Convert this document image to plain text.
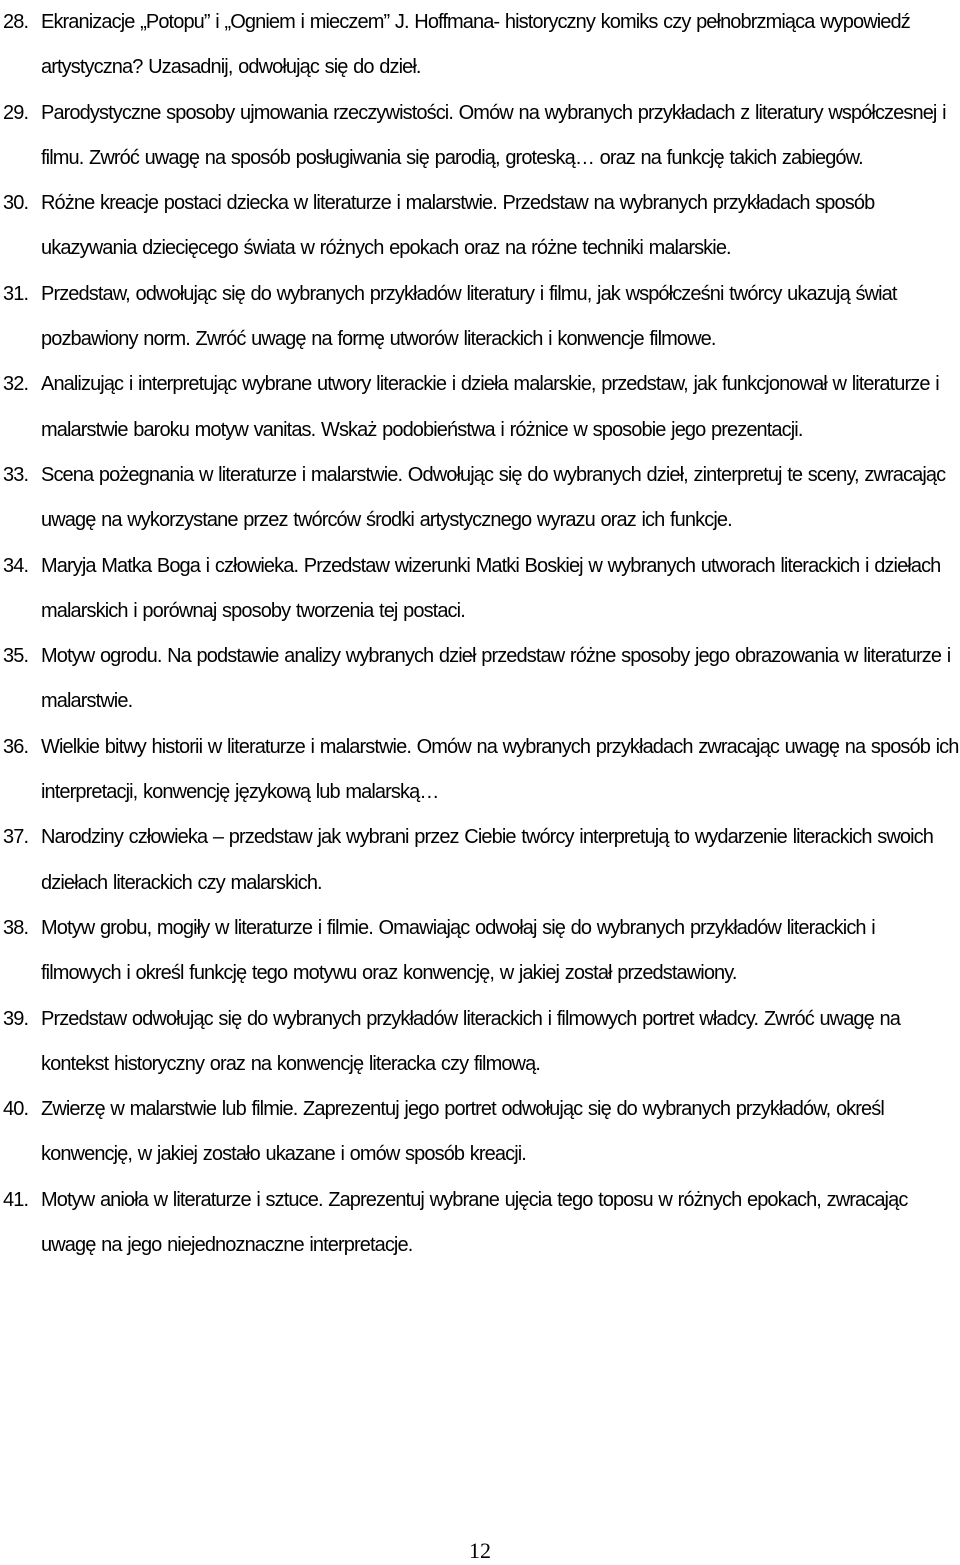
28. Ekranizacje „Potopu” i „Ogniem i mieczem” J. Hoffmana- historyczny komiks czy pełnobrzmiąca wypowiedź artystyczna? Uzasadnij, odwołując się do dzieł.
29. Parodystyczne sposoby ujmowania rzeczywistości. Omów na wybranych przykładach z literatury współczesnej i filmu. Zwróć uwagę na sposób posługiwania się parodią, groteską… oraz na funkcję takich zabiegów.
30. Różne kreacje postaci dziecka w literaturze i malarstwie. Przedstaw na wybranych przykładach sposób ukazywania dziecięcego świata w różnych epokach oraz na różne techniki malarskie.
31. Przedstaw, odwołując się do wybranych przykładów literatury i filmu, jak współcześni twórcy ukazują świat pozbawiony norm. Zwróć uwagę na formę utworów literackich i konwencje filmowe.
32. Analizując i interpretując wybrane utwory literackie i dzieła malarskie, przedstaw, jak funkcjonował w literaturze i malarstwie baroku motyw vanitas. Wskaż podobieństwa i różnice w sposobie jego prezentacji.
33. Scena pożegnania w literaturze i malarstwie. Odwołując się do wybranych dzieł, zinterpretuj te sceny, zwracając uwagę na wykorzystane przez twórców środki artystycznego wyrazu oraz ich funkcje.
34. Maryja Matka Boga i człowieka. Przedstaw wizerunki Matki Boskiej w wybranych utworach literackich i dziełach malarskich i porównaj sposoby tworzenia tej postaci.
35. Motyw ogrodu. Na podstawie analizy wybranych dzieł przedstaw różne sposoby jego obrazowania w literaturze i malarstwie.
36. Wielkie bitwy historii w literaturze i malarstwie. Omów na wybranych przykładach zwracając uwagę na sposób ich interpretacji, konwencję językową lub malarską…
37. Narodziny człowieka – przedstaw jak wybrani przez Ciebie twórcy interpretują to wydarzenie literackich swoich dziełach literackich czy malarskich.
38. Motyw grobu, mogiły w literaturze i filmie. Omawiając odwołaj się do wybranych przykładów literackich i filmowych i określ funkcję tego motywu oraz konwencję, w jakiej został przedstawiony.
39. Przedstaw odwołując się do wybranych przykładów literackich i filmowych portret władcy. Zwróć uwagę na kontekst historyczny oraz na konwencję literacka czy filmową.
40. Zwierzę w malarstwie lub filmie. Zaprezentuj jego portret odwołując się do wybranych przykładów, określ konwencję, w jakiej zostało ukazane i omów sposób kreacji.
41. Motyw anioła w literaturze i sztuce. Zaprezentuj wybrane ujęcia tego toposu w różnych epokach, zwracając uwagę na jego niejednoznaczne interpretacje.
12
